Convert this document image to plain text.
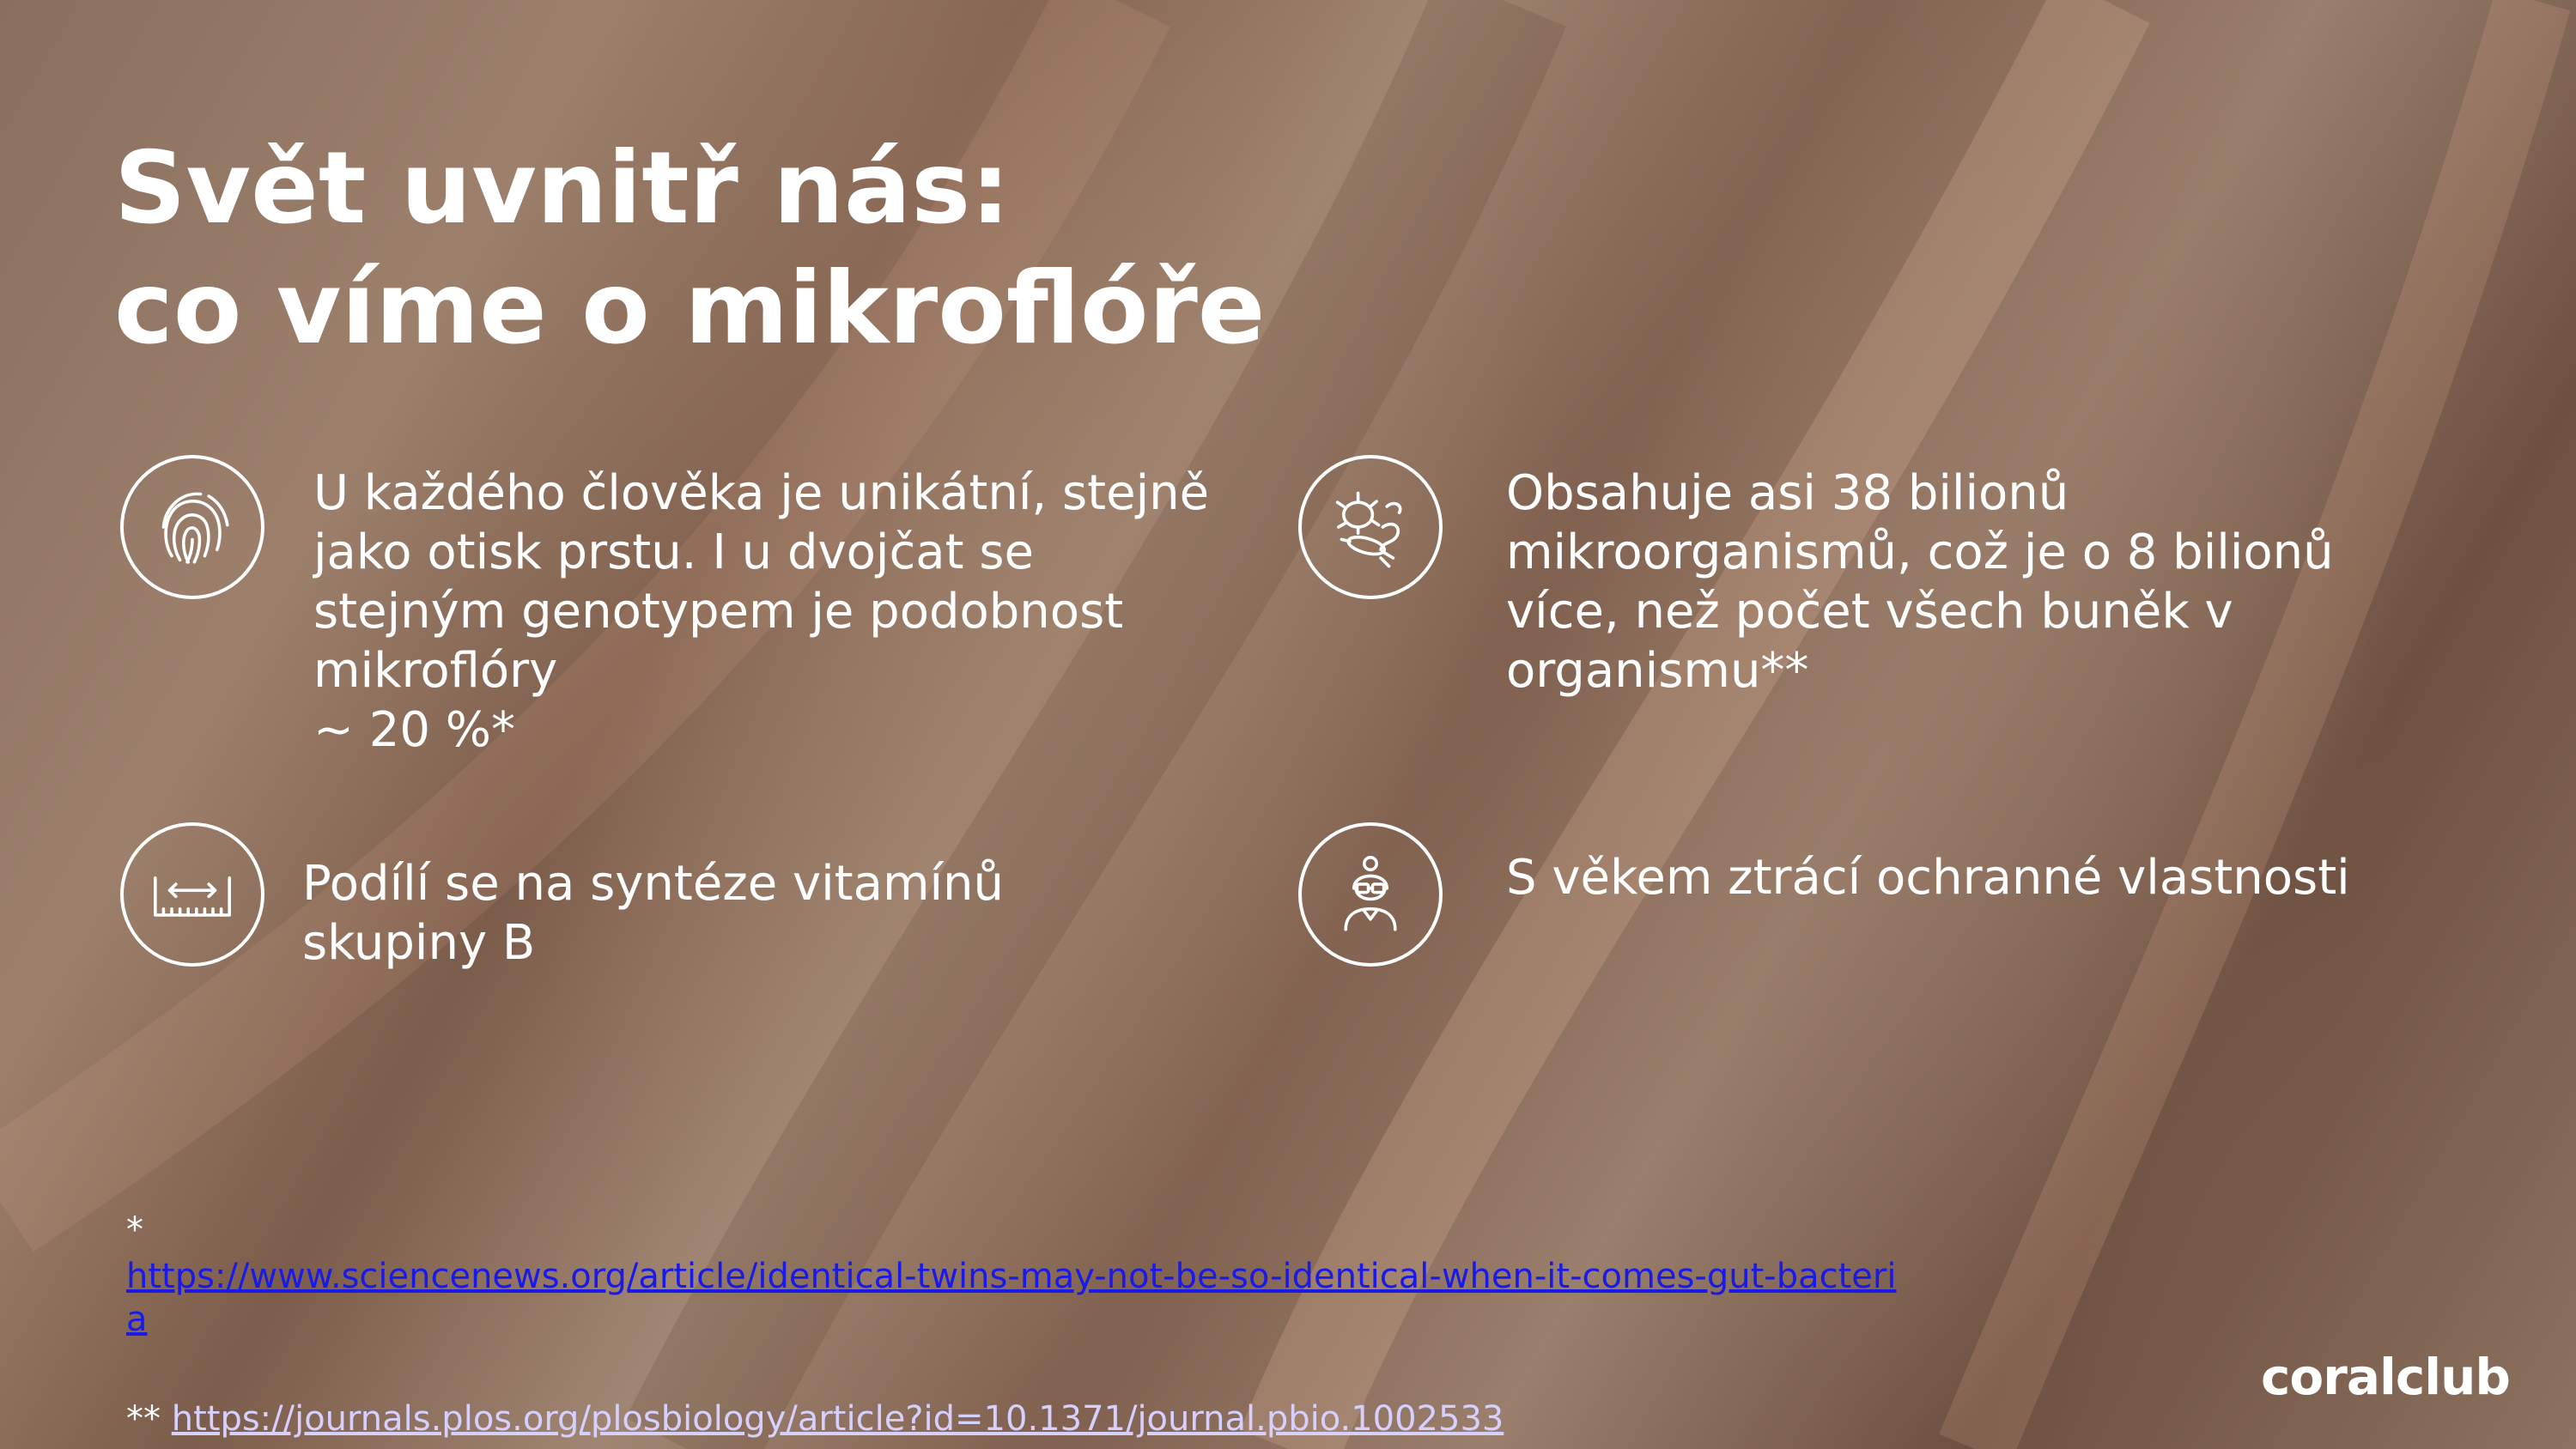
Svět uvnitř nás:
co víme o mikroflóře
U každého člověka je unikátní, stejně
jako otisk prstu. I u dvojčat se
stejným genotypem je podobnost
mikroflóry
~ 20 %*
Obsahuje asi 38 bilionů
mikroorganismů, což je o 8 bilionů
více, než počet všech buněk v
organismu**
Podílí se na syntéze vitamínů
skupiny B
S věkem ztrácí ochranné vlastnosti
*
https://www.sciencenews.org/article/identical-twins-may-not-be-so-identical-when-it-comes-gut-bacteria
** https://journals.plos.org/plosbiology/article?id=10.1371/journal.pbio.1002533
coralclub
